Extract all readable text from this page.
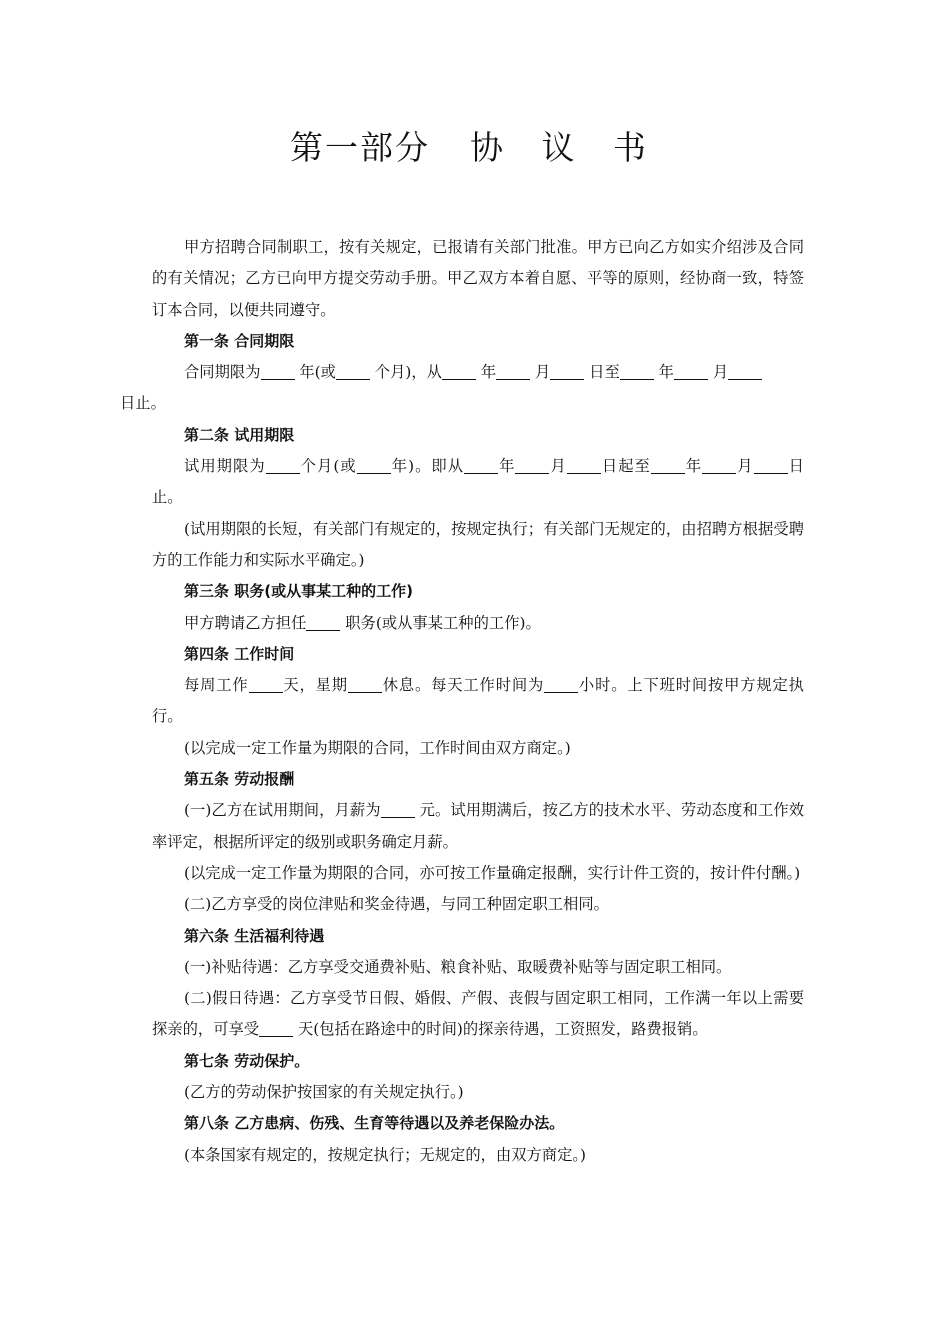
第一部分 协 议 书

甲方招聘合同制职工，按有关规定，已报请有关部门批准。甲方已向乙方如实介绍涉及合同的有关情况；乙方已向甲方提交劳动手册。甲乙双方本着自愿、平等的原则，经协商一致，特签订本合同，以便共同遵守。

第一条 合同期限

合同期限为 年(或 个月)，从 年 月 日至 年 月
日止。

第二条 试用期限

试用期限为 个月(或 年)。即从 年 月 日起至 年 月 日止。

(试用期限的长短，有关部门有规定的，按规定执行；有关部门无规定的，由招聘方根据受聘方的工作能力和实际水平确定。)

第三条 职务(或从事某工种的工作)

甲方聘请乙方担任 职务(或从事某工种的工作)。

第四条 工作时间

每周工作 天，星期 休息。每天工作时间为 小时。上下班时间按甲方规定执行。

(以完成一定工作量为期限的合同，工作时间由双方商定。)

第五条 劳动报酬

(一)乙方在试用期间，月薪为 元。试用期满后，按乙方的技术水平、劳动态度和工作效率评定，根据所评定的级别或职务确定月薪。

(以完成一定工作量为期限的合同，亦可按工作量确定报酬，实行计件工资的，按计件付酬。)

(二)乙方享受的岗位津贴和奖金待遇，与同工种固定职工相同。

第六条 生活福利待遇

(一)补贴待遇：乙方享受交通费补贴、粮食补贴、取暖费补贴等与固定职工相同。

(二)假日待遇：乙方享受节日假、婚假、产假、丧假与固定职工相同，工作满一年以上需要探亲的，可享受 天(包括在路途中的时间)的探亲待遇，工资照发，路费报销。

第七条 劳动保护。

(乙方的劳动保护按国家的有关规定执行。)

第八条 乙方患病、伤残、生育等待遇以及养老保险办法。

(本条国家有规定的，按规定执行；无规定的，由双方商定。)
